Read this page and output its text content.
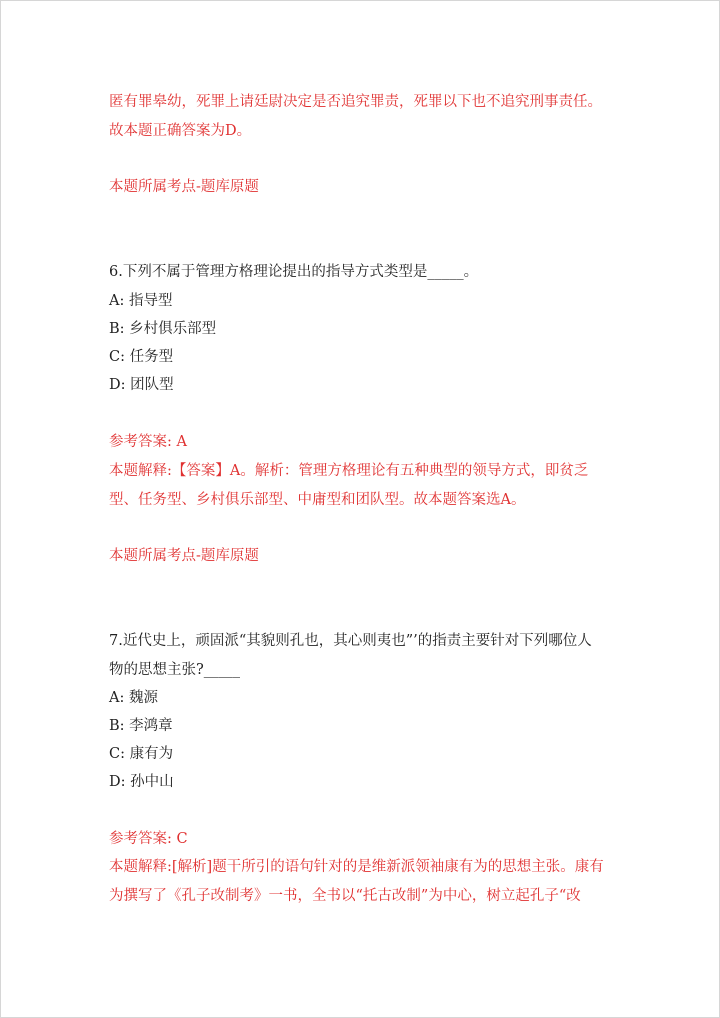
匿有罪皋幼，死罪上请廷尉决定是否追究罪责，死罪以下也不追究刑事责任。
故本题正确答案为D。
本题所属考点-题库原题
6.下列不属于管理方格理论提出的指导方式类型是_____。
A: 指导型
B: 乡村俱乐部型
C: 任务型
D: 团队型
参考答案: A
本题解释:【答案】A。解析：管理方格理论有五种典型的领导方式，即贫乏
型、任务型、乡村俱乐部型、中庸型和团队型。故本题答案选A。
本题所属考点-题库原题
7.近代史上，顽固派“其貌则孔也，其心则夷也”’的指责主要针对下列哪位人
物的思想主张?_____
A: 魏源
B: 李鸿章
C: 康有为
D: 孙中山
参考答案: C
本题解释:[解析]题干所引的语句针对的是维新派领袖康有为的思想主张。康有
为撰写了《孔子改制考》一书，全书以“托古改制”为中心，树立起孔子“改
